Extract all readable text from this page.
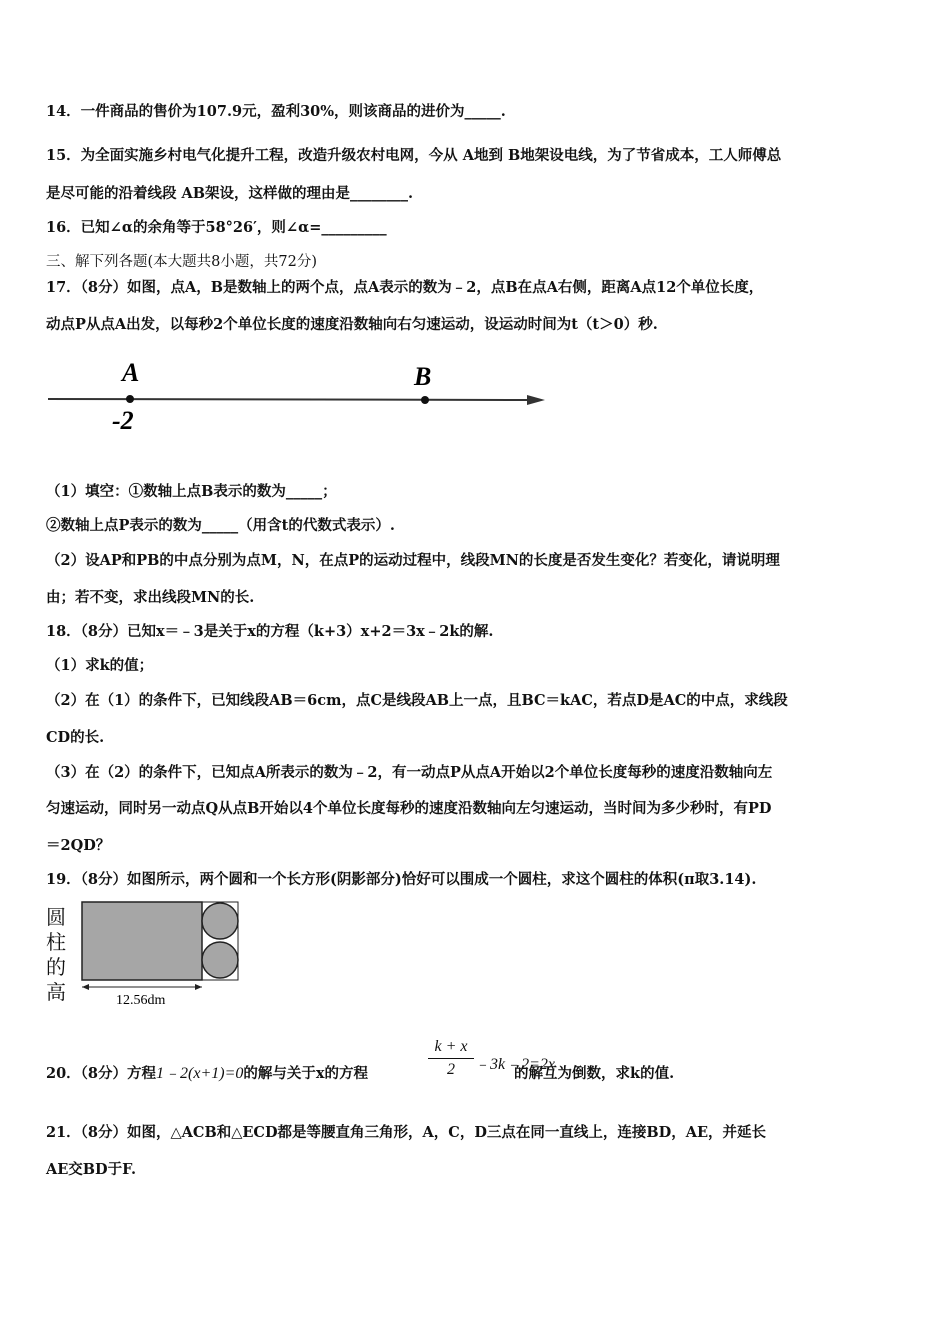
14．一件商品的售价为107.9元，盈利30%，则该商品的进价为_____.
15．为全面实施乡村电气化提升工程，改造升级农村电网，今从 A地到 B地架设电线，为了节省成本，工人师傅总
是尽可能的沿着线段 AB架设，这样做的理由是________.
16．已知∠α的余角等于58°26′，则∠α=_________
三、解下列各题(本大题共8小题，共72分)
17．（8分）如图，点A，B是数轴上的两个点，点A表示的数为﹣2，点B在点A右侧，距离A点12个单位长度，
动点P从点A出发，以每秒2个单位长度的速度沿数轴向右匀速运动，设运动时间为t（t＞0）秒.
A	B
-2
（1）填空：①数轴上点B表示的数为_____；
②数轴上点P表示的数为_____（用含t的代数式表示）.
（2）设AP和PB的中点分别为点M，N，在点P的运动过程中，线段MN的长度是否发生变化？若变化，请说明理
由；若不变，求出线段MN的长.
18．（8分）已知x＝﹣3是关于x的方程（k+3）x+2＝3x﹣2k的解.
（1）求k的值；
（2）在（1）的条件下，已知线段AB＝6cm，点C是线段AB上一点，且BC＝kAC，若点D是AC的中点，求线段
CD的长.
（3）在（2）的条件下，已知点A所表示的数为﹣2，有一动点P从点A开始以2个单位长度每秒的速度沿数轴向左
匀速运动，同时另一动点Q从点B开始以4个单位长度每秒的速度沿数轴向左匀速运动，当时间为多少秒时，有PD
＝2QD？
19．（8分）如图所示，两个圆和一个长方形(阴影部分)恰好可以围成一个圆柱，求这个圆柱的体积(π取3.14).
圆
柱
的
高	12.56dm
20．（8分）方程1﹣2(x+1)=0的解与关于x的方程	的解互为倒数，求k的值.
$\frac{k + x}{2}$ ﹣3k﹣2=2x
21．（8分）如图，△ACB和△ECD都是等腰直角三角形，A，C，D三点在同一直线上，连接BD，AE，并延长
AE交BD于F.
